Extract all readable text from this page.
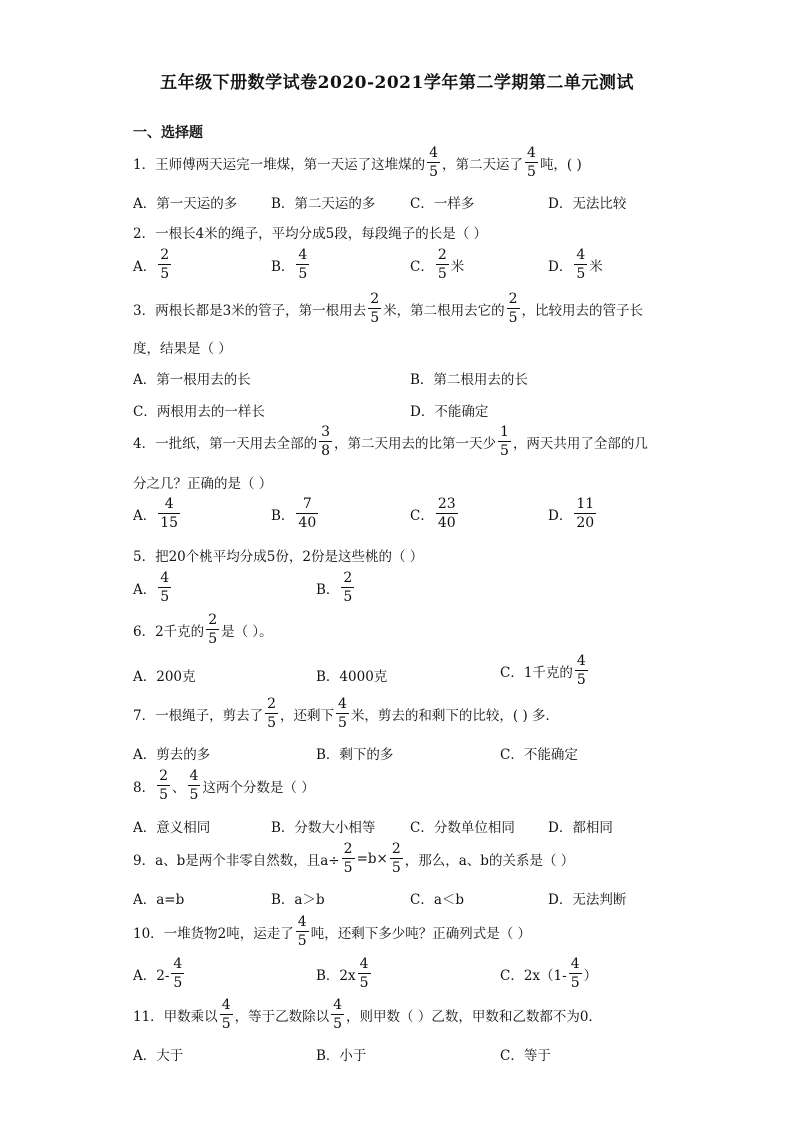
五年级下册数学试卷2020-2021学年第二学期第二单元测试
一、选择题
1．王师傅两天运完一堆煤，第一天运了这堆煤的 $\frac{4}{5}$ ，第二天运了 $\frac{4}{5}$ 吨，( )
A．第一天运的多	B．第二天运的多	C．一样多	D．无法比较
2．一根长4米的绳子，平均分成5段，每段绳子的长是（ ）
A． $\frac{2}{5}$	B． $\frac{4}{5}$	C． $\frac{2}{5}$ 米	D． $\frac{4}{5}$ 米
3．两根长都是3米的管子，第一根用去 $\frac{2}{5}$ 米，第二根用去它的 $\frac{2}{5}$ ，比较用去的管子长
度，结果是（ ）
A．第一根用去的长	B．第二根用去的长
C．两根用去的一样长	D．不能确定
4．一批纸，第一天用去全部的 $\frac{3}{8}$ ，第二天用去的比第一天少 $\frac{1}{5}$ ，两天共用了全部的几
分之几？正确的是（ ）
A． $\frac{4}{15}$	B． $\frac{7}{40}$	C． $\frac{23}{40}$	D． $\frac{11}{20}$
5．把20个桃平均分成5份，2份是这些桃的（ ）
A． $\frac{4}{5}$	B． $\frac{2}{5}$
6．2千克的 $\frac{2}{5}$ 是（ ）。
A．200克	B．4000克	C．1千克的 $\frac{4}{5}$
7．一根绳子，剪去了 $\frac{2}{5}$ ，还剩下 $\frac{4}{5}$ 米，剪去的和剩下的比较，( ) 多．
A．剪去的多	B．剩下的多	C．不能确定
8． $\frac{2}{5}$ 、 $\frac{4}{5}$ 这两个分数是（ ）
A．意义相同	B．分数大小相等	C．分数单位相同 D．都相同
9．a、b是两个非零自然数，且$a\div \frac{2}{5} =b\times \frac{2}{5}$ ，那么，a、b的关系是（ ）
A．a=b	B．a＞b	C．a＜b	D．无法判断
10．一堆货物2吨，运走了 $\frac{4}{5}$ 吨，还剩下多少吨？正确列式是（ ）
A．$2- \frac{4}{5}$	B．$2x \frac{4}{5}$	C．$2x(1- \frac{4}{5}$ ）
11．甲数乘以 $\frac{4}{5}$ ，等于乙数除以 $\frac{4}{5}$ ，则甲数（ ）乙数，甲数和乙数都不为0．
A．大于	B．小于	C．等于
